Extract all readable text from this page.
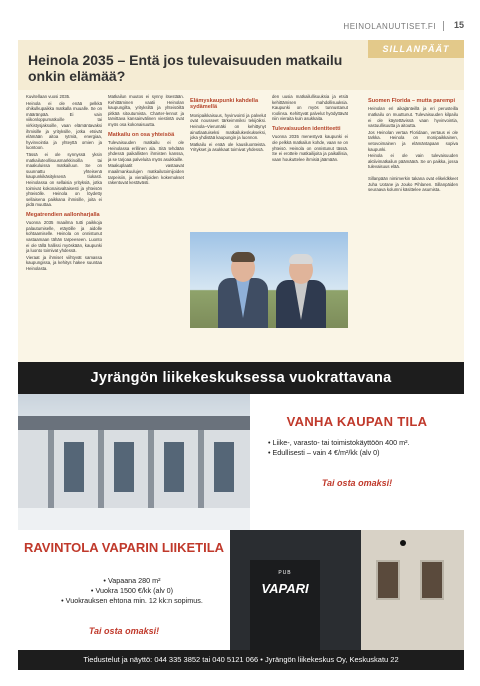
HEINOLANUUTISET.FI 15
SILLANPÄÄT
Heinola 2035 – Entä jos tulevaisuuden matkailu onkin elämää?

Kuvitellaan vuosi 2035.

Heinola ei ole enää pelkkä ohikulkupaikka matkalla muualle. Se on määränpää. Ei vain viikonloppumatkoille tai virkistysjaksoille, vaan elämäntavaksi ihmisille ja yrityksille, jotka etsivät elämään aitoa rytmiä, energiaa, hyvinvointia ja yhteyttä omien ja luontoon.

Tässä ei ole synnyssä yksin matkailuteollisuusmarkkinoilla tai maakuluissa matkailuun. Se on suunnattu yhteisenä kaupunkikäsityksenä tiukasti. Heinolassa on sellaisia yrityksiä, jotka toimivat kokonaisvaltaisesti ja yhteisön yhteisölle. Heinola on löydetty sellaisena paikkana ihmisille, joita ei pidä muuttaa.

Megatrendien aallonharjalla

Vuonna 2035 maailma tutti paikkoja palautumiselle, etäyöille ja aidolle kohtaamiselle. Heinola on onnistunut vastaamaan tähän tarpeeseen. Luonto ei ole tällä hallissi myöskään, kaupunki ja luonto toimivat yhdessä.

Vieraat ja ihmiset viihtyvät samassa kaupungissa, ja kehitys hakee suuntaa Heinolasta.

Matkailun muutos ei synny itsestään. Kehittäminen vaatii Heinolan kaupungilta, yrityksiltä ja yhteisöiltä pitkää sitoutumista. Charter-lennot ja tarvittava kansainvälinen viestintä ovat myös osa kokonaisuutta.

Matkailu on osa yhteisöä

Tulevaisuuden matkailu ei ole Heinolassa erillinen ala. Sitä tehdään yhdessä paikallisten ihmisten kanssa, ja se tarjoaa palveluita myös asukkaille.

Maakuplaatit vastaavat maailmankuulujen matkailutoimijoiden tarpeisiin, ja vierailijoiden kokemukset rakentuvat kestävästi.

Elämyskaupunki kahdella sydämellä

Monipaikkaisuus, hyvinvointi ja palvelut ovat nousseet tärkeimmiksi tekijöiksi. Heinola–Vierumäki on kehittynyt ainutlaatuiseksi matkailukeskukseksi, joka yhdistää kaupungin ja luonnon.

Matkailu ei enää ole kausiluonteista. Yritykset ja asukkaat toimivat yhdessä.

den uusia matkailullisuuksia ja etsiä kehittämisen mahdollisuuksia. Kaupunki on myös tunnustanut roolinsa. Kehittyvät palvelut hyödyttävät niin vieraita kuin asukkaita.

Tulevaisuuden identiteetti

Vuonna 2035 menestyvä kaupunki ei ole pelkkä matkailun kohde, vaan se on yhteisö. Heinola on onnistunut tässä. Se ei erottele matkailijoita ja paikallisia, vaan houkuttelee ihmisiä jäämään.

Suomen Florida – mutta parempi

Heinolan eri aikajänteillä ja eri perusteilla matkailu on muuttunut. Tulevaisuuden kilpailu ei ole käytettävissä vaan hyvinvointia, vastuullisuutta ja aitoutta.

Jos Heinolan vertaa Floridaan, vertaus ei ole tarkka. Heinola on monipaikkainen, vetovoimainen ja elämäntapaan sopiva kaupunki.

Heinola ei ole vain tulevaisuuden aktiivimatkailun päämäärä. Se on paikka, jossa tulevaisuus elää.

Sillanpään nimimerkin takana ovat elikeldkkeet Juha Uotane ja Jouko Pihlanen. Sillanpäiden seuraava kolumni käsittelee asumista.

Jyrängön liikekeskuksessa vuokrattavana
VANHA KAUPAN TILA
• Liike-, varasto- tai toimistokäyttöön 400 m².
• Edullisesti – vain 4 €/m²/kk (alv 0)
Tai osta omaksi!
RAVINTOLA VAPARIN LIIKETILA
• Vapaana 280 m²
• Vuokra 1500 €/kk (alv 0)
• Vuokrauksen ehtona min. 12 kk:n sopimus.
Tai osta omaksi!
PUB
VAPARI
Tiedustelut ja näyttö: 044 335 3852 tai 040 5121 066 • Jyrängön liikekeskus Oy, Keskuskatu 22
